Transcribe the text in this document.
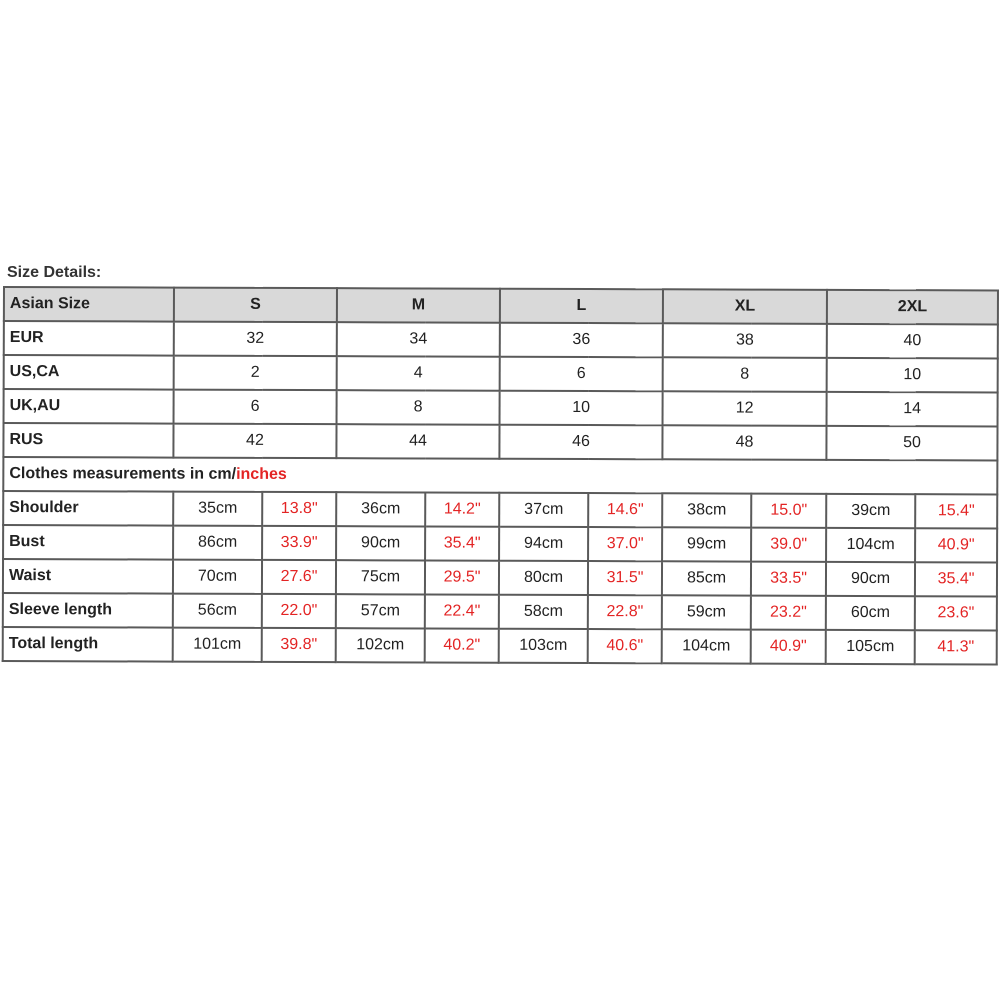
Size Details:
Asian Size	S		M		L		XL		2XL	
EUR	32		34		36		38		40	
US,CA	2		4		6		8		10	
UK,AU	6		8		10		12		14	
RUS	42		44		46		48		50	
Clothes measurements in cm/inches										
Shoulder	35cm	13.8"	36cm	14.2"	37cm	14.6"	38cm	15.0"	39cm	15.4"
Bust	86cm	33.9"	90cm	35.4"	94cm	37.0"	99cm	39.0"	104cm	40.9"
Waist	70cm	27.6"	75cm	29.5"	80cm	31.5"	85cm	33.5"	90cm	35.4"
Sleeve length	56cm	22.0"	57cm	22.4"	58cm	22.8"	59cm	23.2"	60cm	23.6"
Total length	101cm	39.8"	102cm	40.2"	103cm	40.6"	104cm	40.9"	105cm	41.3"
